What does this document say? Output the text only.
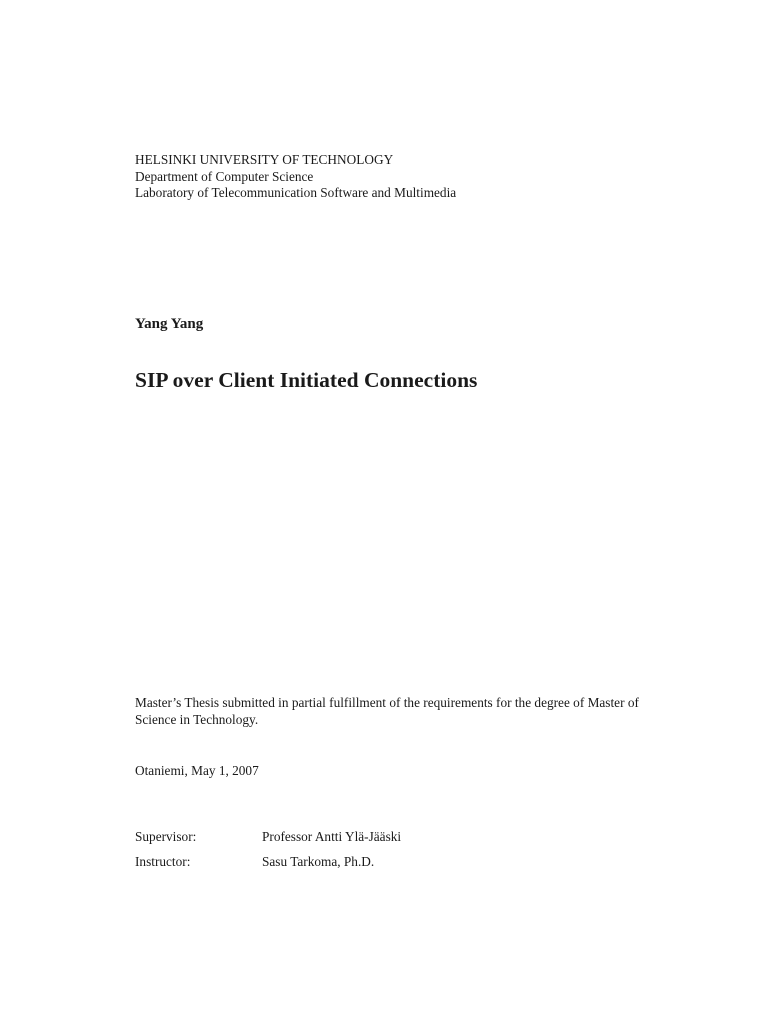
HELSINKI UNIVERSITY OF TECHNOLOGY
Department of Computer Science
Laboratory of Telecommunication Software and Multimedia
Yang Yang
SIP over Client Initiated Connections
Master’s Thesis submitted in partial fulfillment of the requirements for the degree of Master of Science in Technology.
Otaniemi, May 1, 2007
Supervisor:	Professor Antti Ylä-Jääski
Instructor:	Sasu Tarkoma, Ph.D.
